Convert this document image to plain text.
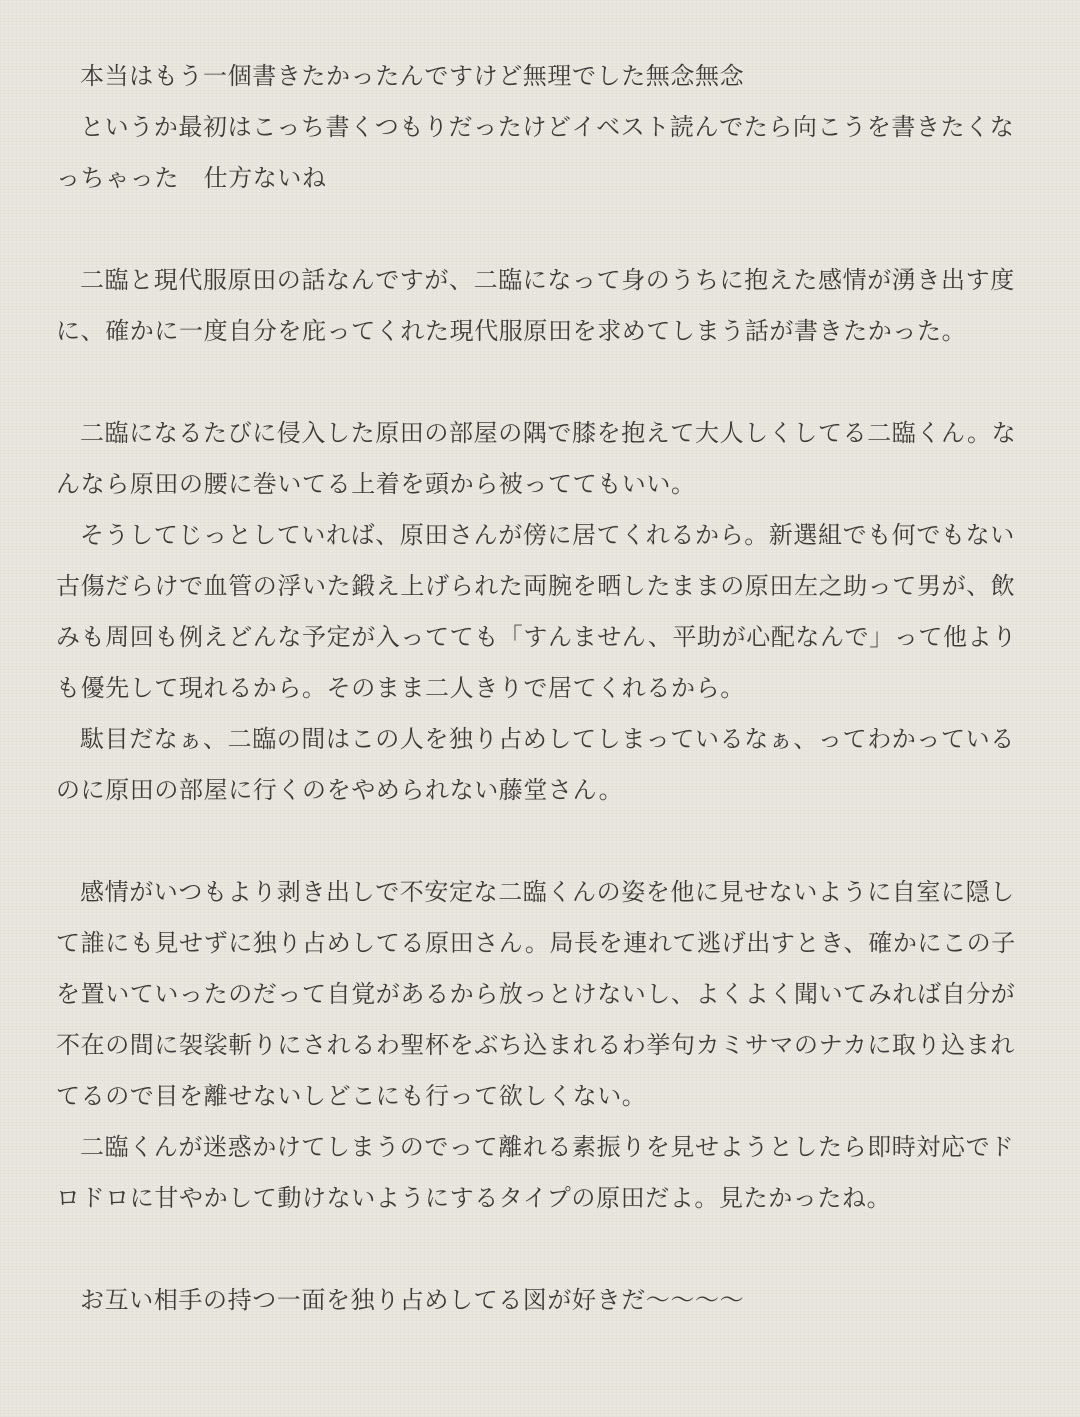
本当はもう一個書きたかったんですけど無理でした無念無念

というか最初はこっち書くつもりだったけどイベスト読んでたら向こうを書きたくなっちゃった　仕方ないね

二臨と現代服原田の話なんですが、二臨になって身のうちに抱えた感情が湧き出す度に、確かに一度自分を庇ってくれた現代服原田を求めてしまう話が書きたかった。

二臨になるたびに侵入した原田の部屋の隅で膝を抱えて大人しくしてる二臨くん。なんなら原田の腰に巻いてる上着を頭から被っててもいい。

そうしてじっとしていれば、原田さんが傍に居てくれるから。新選組でも何でもない古傷だらけで血管の浮いた鍛え上げられた両腕を晒したままの原田左之助って男が、飲みも周回も例えどんな予定が入ってても「すんません、平助が心配なんで」って他よりも優先して現れるから。そのまま二人きりで居てくれるから。

駄目だなぁ、二臨の間はこの人を独り占めしてしまっているなぁ、ってわかっているのに原田の部屋に行くのをやめられない藤堂さん。

感情がいつもより剥き出しで不安定な二臨くんの姿を他に見せないように自室に隠して誰にも見せずに独り占めしてる原田さん。局長を連れて逃げ出すとき、確かにこの子を置いていったのだって自覚があるから放っとけないし、よくよく聞いてみれば自分が不在の間に袈裟斬りにされるわ聖杯をぶち込まれるわ挙句カミサマのナカに取り込まれてるので目を離せないしどこにも行って欲しくない。

二臨くんが迷惑かけてしまうのでって離れる素振りを見せようとしたら即時対応でドロドロに甘やかして動けないようにするタイプの原田だよ。見たかったね。

お互い相手の持つ一面を独り占めしてる図が好きだ〜〜〜〜
